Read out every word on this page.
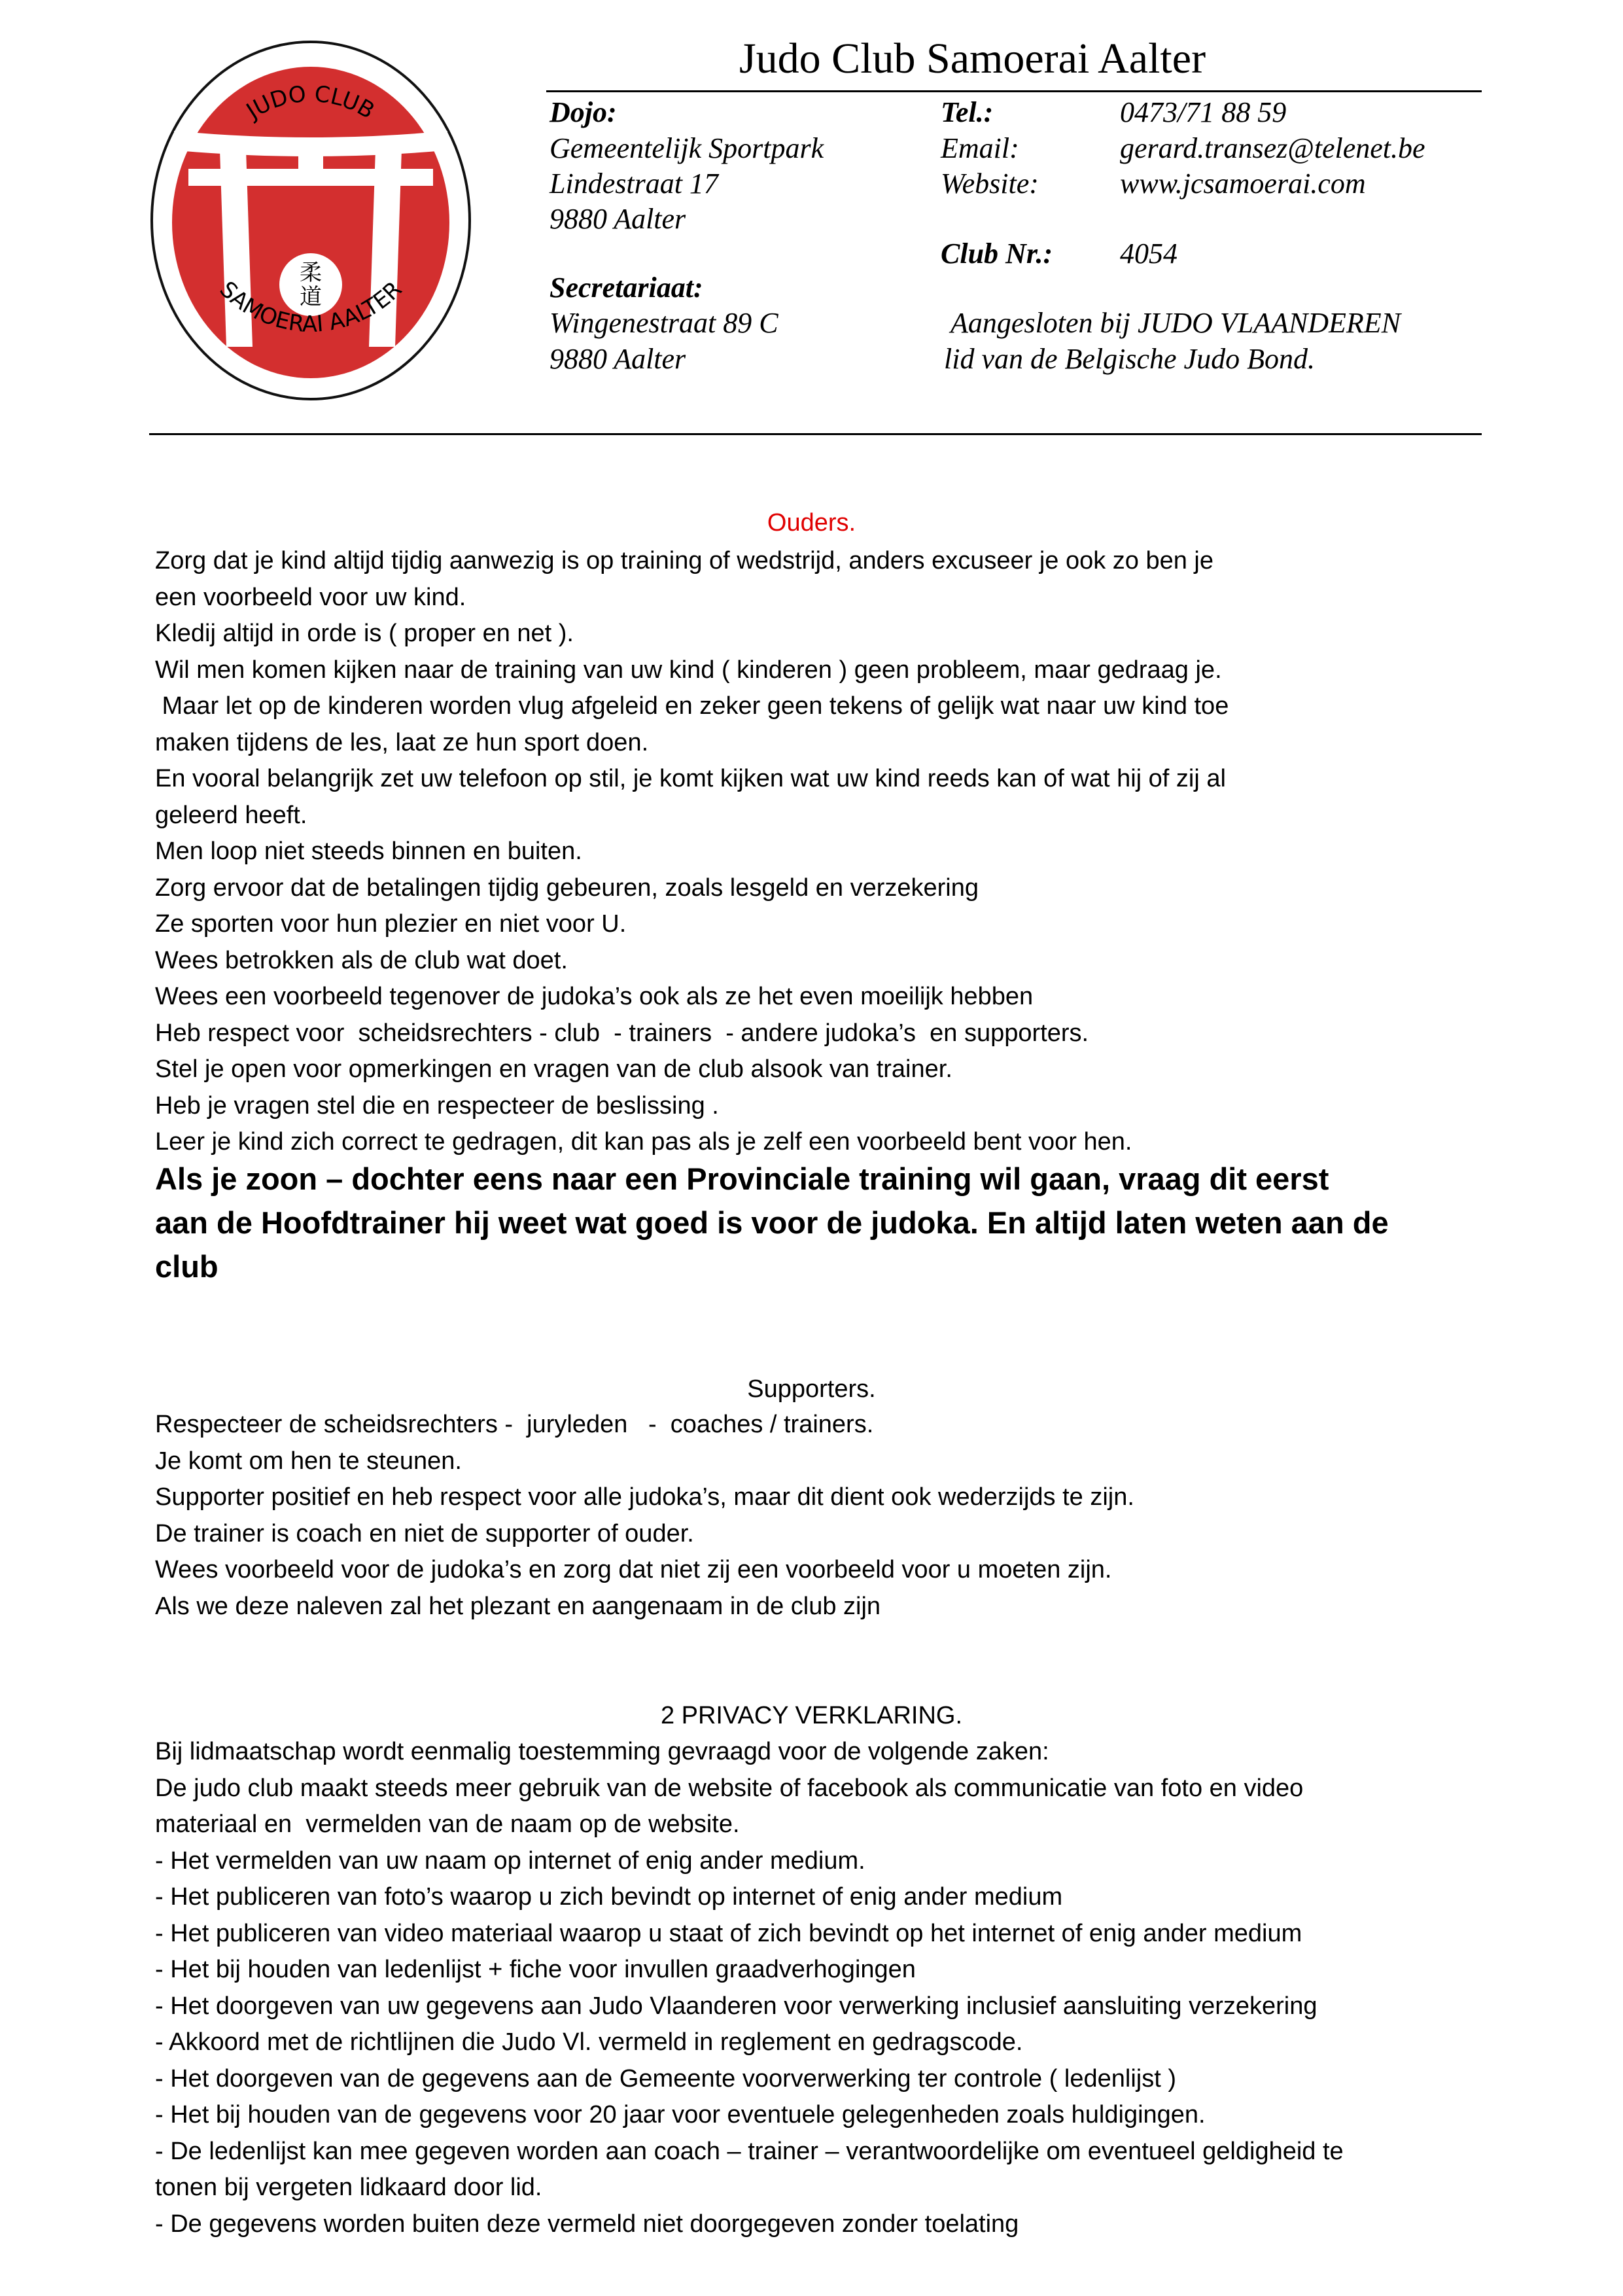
柔
道
JUDO CLUB
SAMOERAI AALTER
Judo Club Samoerai Aalter
Dojo:
Gemeentelijk Sportpark
Lindestraat 17
9880 Aalter
Secretariaat:
Wingenestraat 89 C
9880 Aalter
Tel.:	0473/71 88 59
Email:	gerard.transez@telenet.be
Website:	www.jcsamoerai.com
Club Nr.: 4054
Aangesloten bij JUDO VLAANDEREN
lid van de Belgische Judo Bond.
Ouders.
Zorg dat je kind altijd tijdig aanwezig is op training of wedstrijd, anders excuseer je ook zo ben je
een voorbeeld voor uw kind.
Kledij altijd in orde is ( proper en net ).
Wil men komen kijken naar de training van uw kind ( kinderen ) geen probleem, maar gedraag je.
Maar let op de kinderen worden vlug afgeleid en zeker geen tekens of gelijk wat naar uw kind toe
maken tijdens de les, laat ze hun sport doen.
En vooral belangrijk zet uw telefoon op stil, je komt kijken wat uw kind reeds kan of wat hij of zij al
geleerd heeft.
Men loop niet steeds binnen en buiten.
Zorg ervoor dat de betalingen tijdig gebeuren, zoals lesgeld en verzekering
Ze sporten voor hun plezier en niet voor U.
Wees betrokken als de club wat doet.
Wees een voorbeeld tegenover de judoka’s ook als ze het even moeilijk hebben
Heb respect voor  scheidsrechters - club  - trainers  - andere judoka’s  en supporters.
Stel je open voor opmerkingen en vragen van de club alsook van trainer.
Heb je vragen stel die en respecteer de beslissing .
Leer je kind zich correct te gedragen, dit kan pas als je zelf een voorbeeld bent voor hen.
Als je zoon – dochter eens naar een Provinciale training wil gaan, vraag dit eerst
aan de Hoofdtrainer hij weet wat goed is voor de judoka. En altijd laten weten aan de
club
Supporters.
Respecteer de scheidsrechters -  juryleden   -  coaches / trainers.
Je komt om hen te steunen.
Supporter positief en heb respect voor alle judoka’s, maar dit dient ook wederzijds te zijn.
De trainer is coach en niet de supporter of ouder.
Wees voorbeeld voor de judoka’s en zorg dat niet zij een voorbeeld voor u moeten zijn.
Als we deze naleven zal het plezant en aangenaam in de club zijn
2 PRIVACY VERKLARING.
Bij lidmaatschap wordt eenmalig toestemming gevraagd voor de volgende zaken:
De judo club maakt steeds meer gebruik van de website of facebook als communicatie van foto en video
materiaal en  vermelden van de naam op de website.
- Het vermelden van uw naam op internet of enig ander medium.
- Het publiceren van foto’s waarop u zich bevindt op internet of enig ander medium
- Het publiceren van video materiaal waarop u staat of zich bevindt op het internet of enig ander medium
- Het bij houden van ledenlijst + fiche voor invullen graadverhogingen
- Het doorgeven van uw gegevens aan Judo Vlaanderen voor verwerking inclusief aansluiting verzekering
- Akkoord met de richtlijnen die Judo Vl. vermeld in reglement en gedragscode.
- Het doorgeven van de gegevens aan de Gemeente voorverwerking ter controle ( ledenlijst )
- Het bij houden van de gegevens voor 20 jaar voor eventuele gelegenheden zoals huldigingen.
- De ledenlijst kan mee gegeven worden aan coach – trainer – verantwoordelijke om eventueel geldigheid te
tonen bij vergeten lidkaard door lid.
- De gegevens worden buiten deze vermeld niet doorgegeven zonder toelating
